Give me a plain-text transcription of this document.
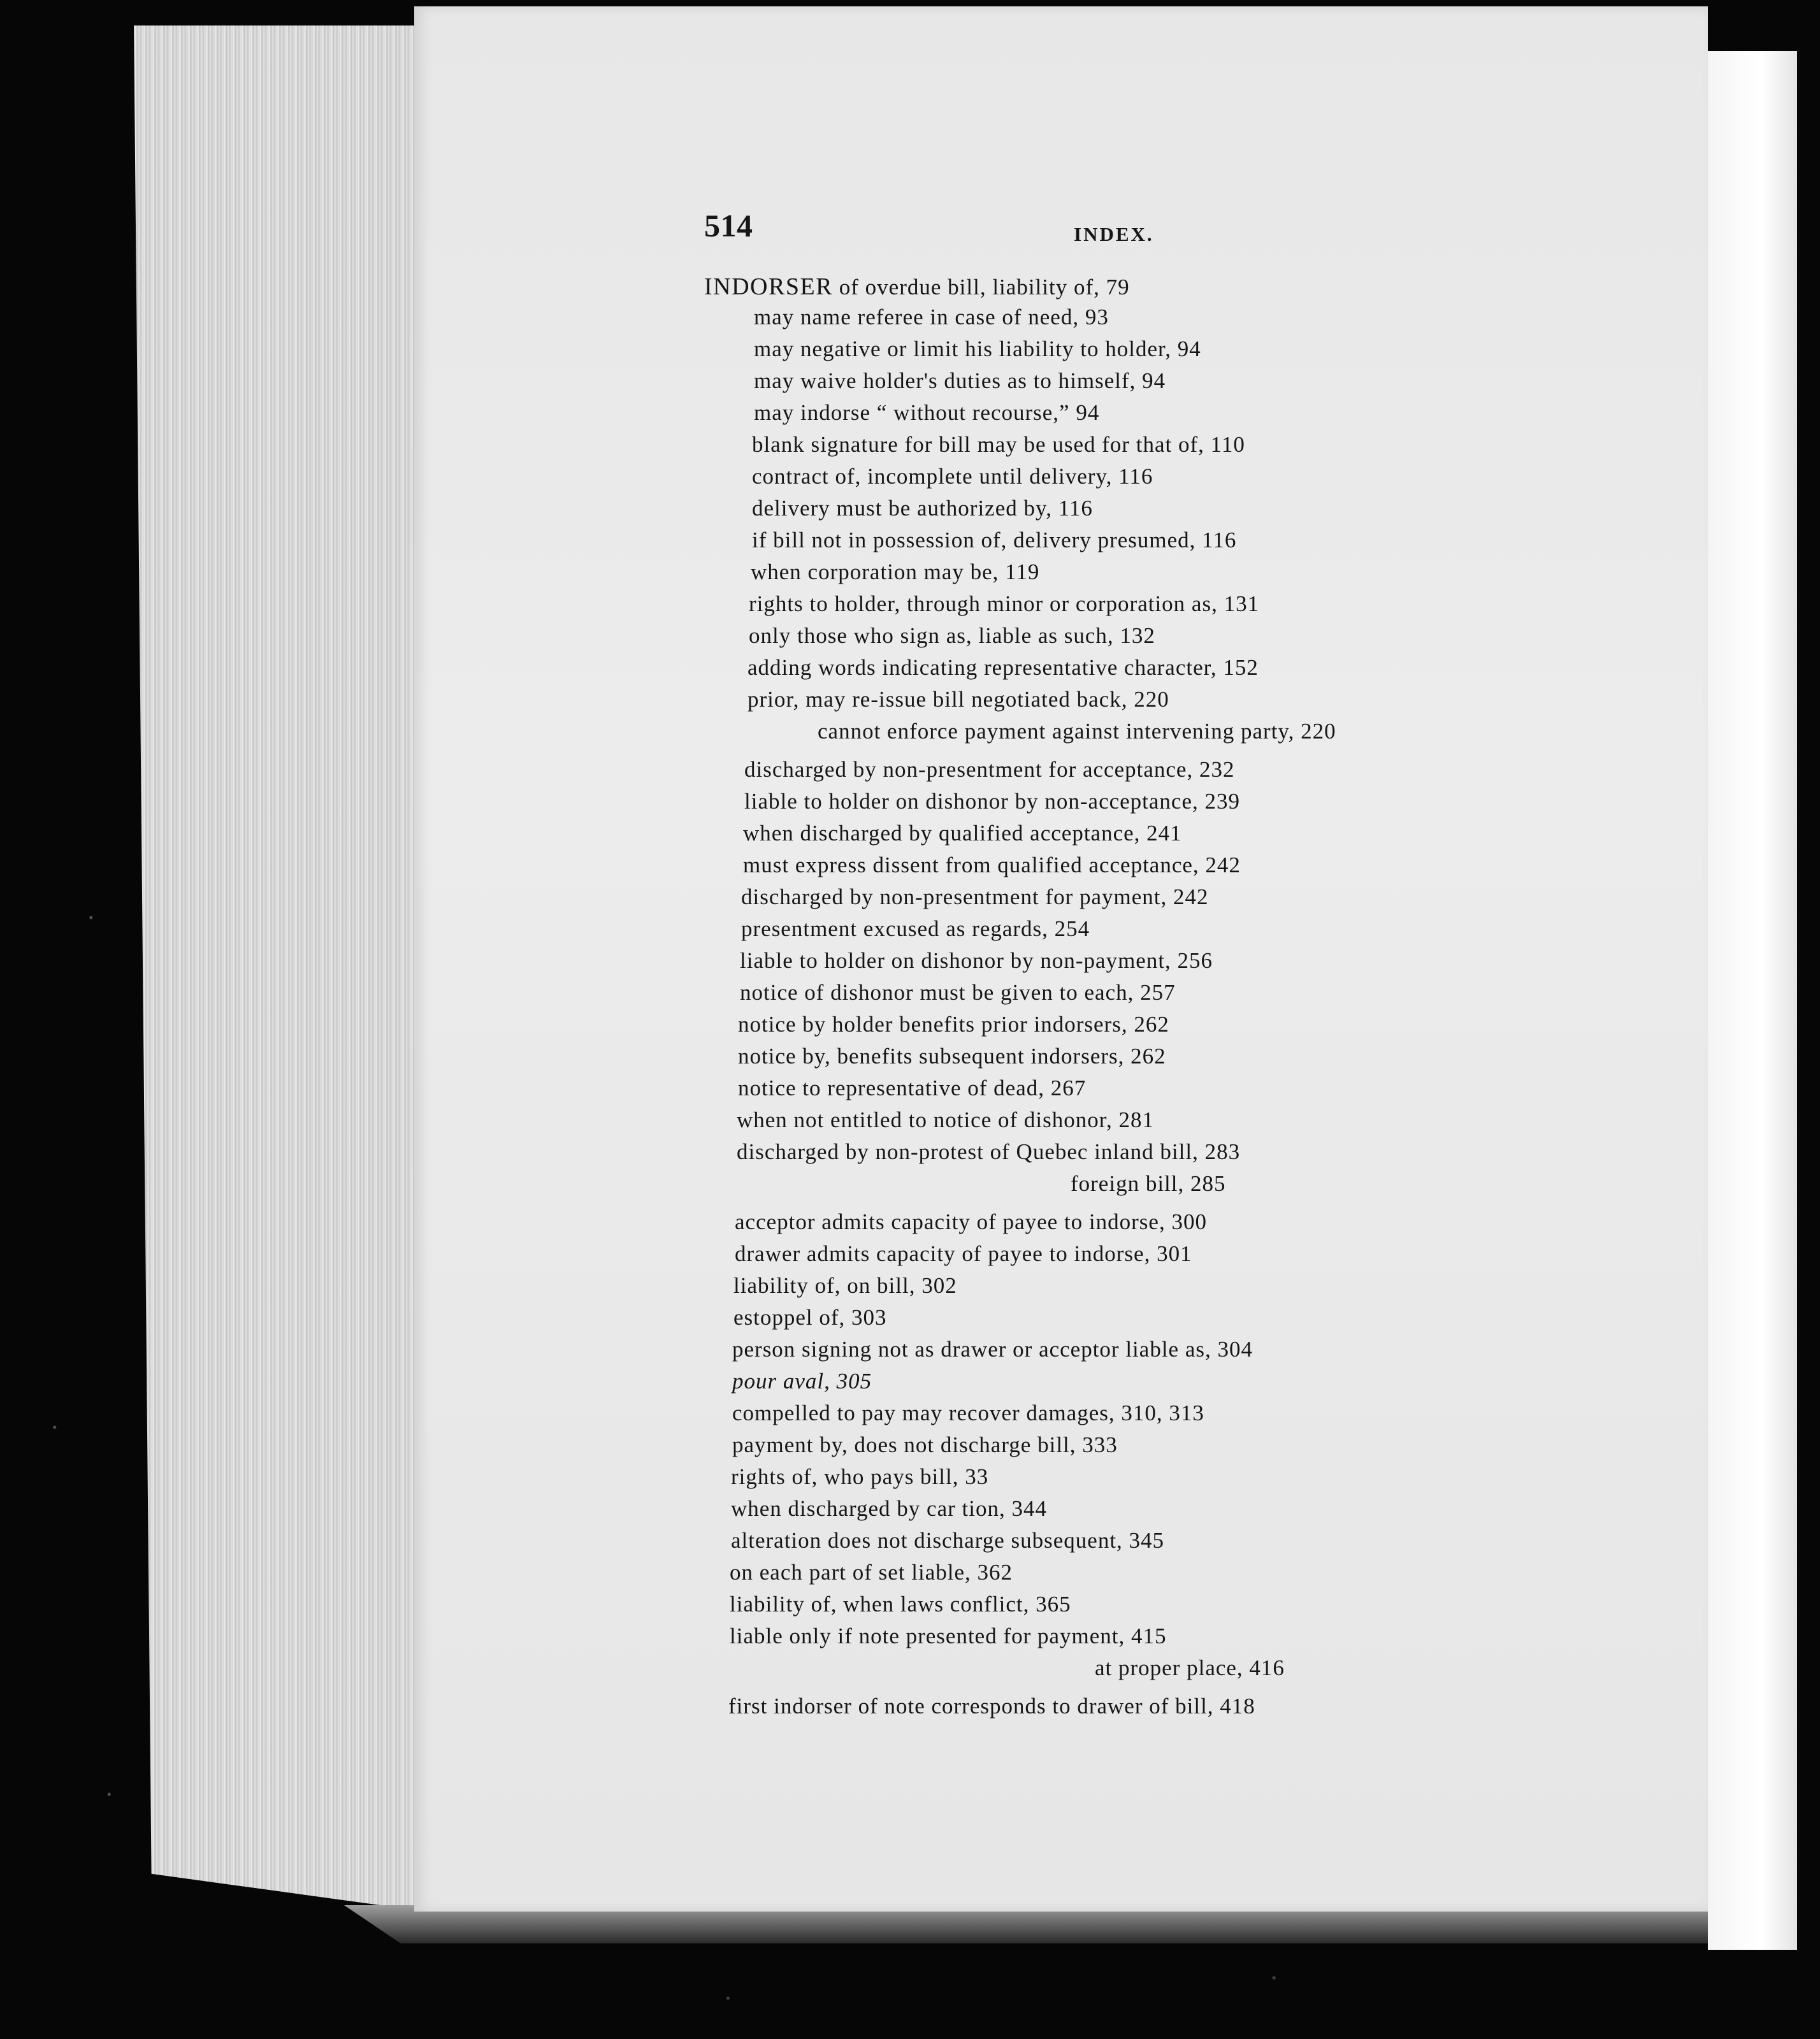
514	INDEX.
INDORSER of overdue bill, liability of, 79
may name referee in case of need, 93
may negative or limit his liability to holder, 94
may waive holder's duties as to himself, 94
may indorse “ without recourse,” 94
blank signature for bill may be used for that of, 110
contract of, incomplete until delivery, 116
delivery must be authorized by, 116
if bill not in possession of, delivery presumed, 116
when corporation may be, 119
rights to holder, through minor or corporation as, 131
only those who sign as, liable as such, 132
adding words indicating representative character, 152
prior, may re-issue bill negotiated back, 220
cannot enforce payment against intervening party, 220
discharged by non-presentment for acceptance, 232
liable to holder on dishonor by non-acceptance, 239
when discharged by qualified acceptance, 241
must express dissent from qualified acceptance, 242
discharged by non-presentment for payment, 242
presentment excused as regards, 254
liable to holder on dishonor by non-payment, 256
notice of dishonor must be given to each, 257
notice by holder benefits prior indorsers, 262
notice by, benefits subsequent indorsers, 262
notice to representative of dead, 267
when not entitled to notice of dishonor, 281
discharged by non-protest of Quebec inland bill, 283
foreign bill, 285
acceptor admits capacity of payee to indorse, 300
drawer admits capacity of payee to indorse, 301
liability of, on bill, 302
estoppel of, 303
person signing not as drawer or acceptor liable as, 304
pour aval, 305
compelled to pay may recover damages, 310, 313
payment by, does not discharge bill, 333
rights of, who pays bill, 33
when discharged by car tion, 344
alteration does not discharge subsequent, 345
on each part of set liable, 362
liability of, when laws conflict, 365
liable only if note presented for payment, 415
at proper place, 416
first indorser of note corresponds to drawer of bill, 418
